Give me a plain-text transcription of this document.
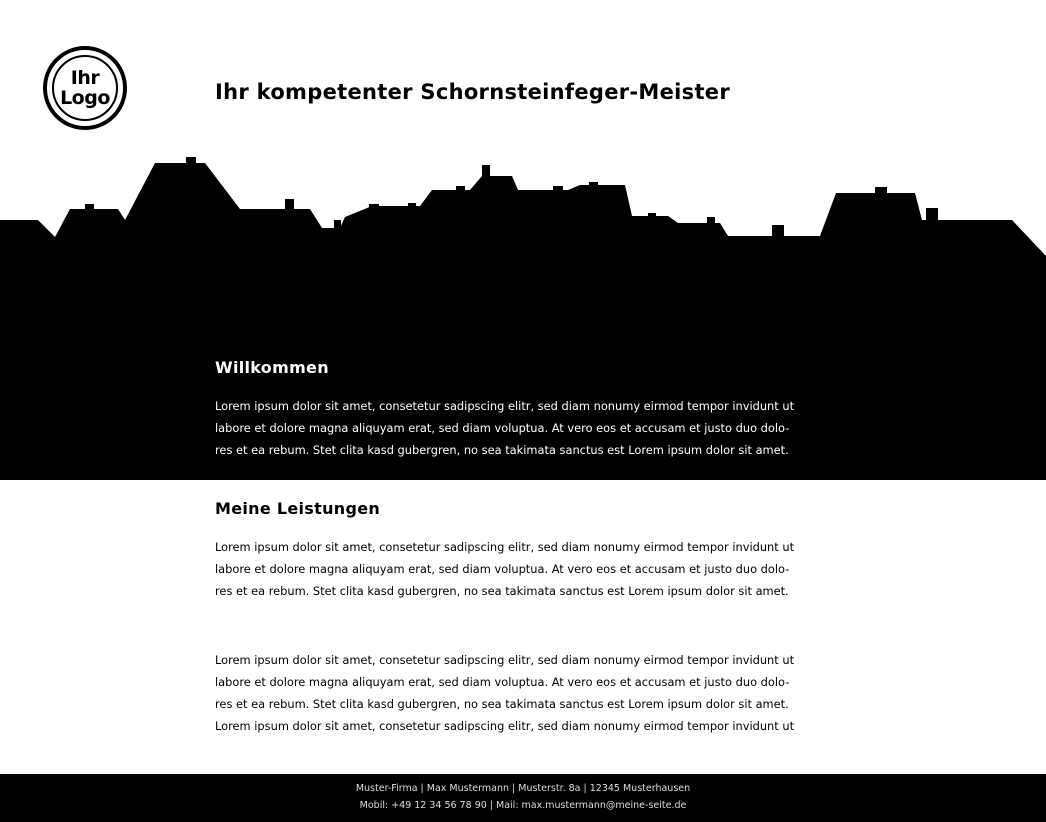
Ihr
Logo	Ihr kompetenter Schornsteinfeger-Meister
Willkommen

Lorem ipsum dolor sit amet, consetetur sadipscing elitr, sed diam nonumy eirmod tempor invidunt ut labore et dolore magna aliquyam erat, sed diam voluptua. At vero eos et accusam et justo duo dolo-res et ea rebum. Stet clita kasd gubergren, no sea takimata sanctus est Lorem ipsum dolor sit amet.

Meine Leistungen

Lorem ipsum dolor sit amet, consetetur sadipscing elitr, sed diam nonumy eirmod tempor invidunt ut labore et dolore magna aliquyam erat, sed diam voluptua. At vero eos et accusam et justo duo dolo-res et ea rebum. Stet clita kasd gubergren, no sea takimata sanctus est Lorem ipsum dolor sit amet.

Lorem ipsum dolor sit amet, consetetur sadipscing elitr, sed diam nonumy eirmod tempor invidunt ut labore et dolore magna aliquyam erat, sed diam voluptua. At vero eos et accusam et justo duo dolo-res et ea rebum. Stet clita kasd gubergren, no sea takimata sanctus est Lorem ipsum dolor sit amet. Lorem ipsum dolor sit amet, consetetur sadipscing elitr, sed diam nonumy eirmod tempor invidunt ut

Muster-Firma | Max Mustermann | Musterstr. 8a | 12345 Musterhausen
Mobil: +49 12 34 56 78 90 | Mail: max.mustermann@meine-seite.de
